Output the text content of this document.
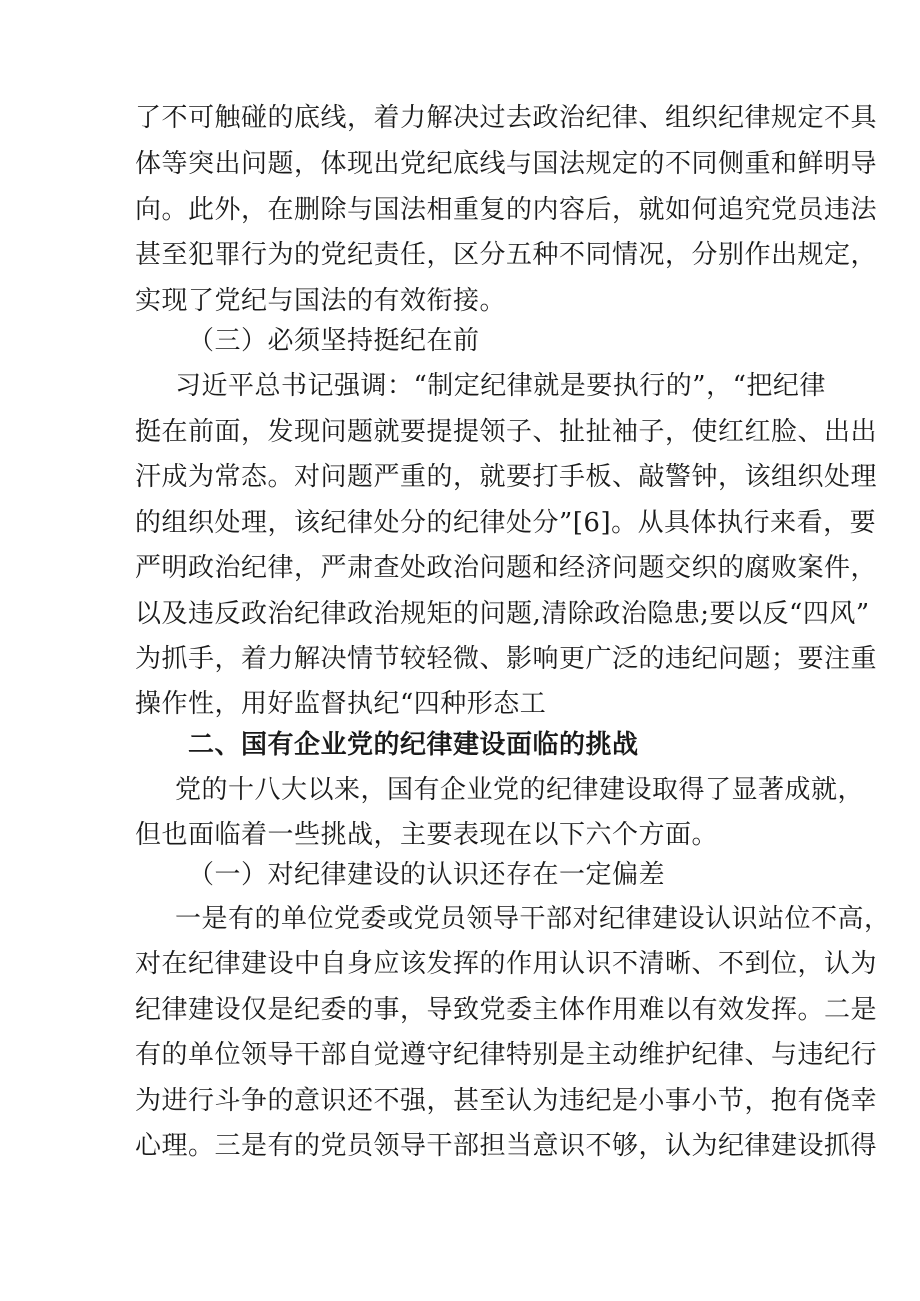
了不可触碰的底线，着力解决过去政治纪律、组织纪律规定不具
体等突出问题，体现出党纪底线与国法规定的不同侧重和鲜明导
向。此外，在删除与国法相重复的内容后，就如何追究党员违法
甚至犯罪行为的党纪责任，区分五种不同情况，分别作出规定，
实现了党纪与国法的有效衔接。
（三）必须坚持挺纪在前
习近平总书记强调：“制定纪律就是要执行的”，“把纪律
挺在前面，发现问题就要提提领子、扯扯袖子，使红红脸、出出
汗成为常态。对问题严重的，就要打手板、敲警钟，该组织处理
的组织处理，该纪律处分的纪律处分”[6]。从具体执行来看，要
严明政治纪律，严肃查处政治问题和经济问题交织的腐败案件，
以及违反政治纪律政治规矩的问题,清除政治隐患;要以反“四风”
为抓手，着力解决情节较轻微、影响更广泛的违纪问题；要注重
操作性，用好监督执纪“四种形态工
二、国有企业党的纪律建设面临的挑战
党的十八大以来，国有企业党的纪律建设取得了显著成就，
但也面临着一些挑战，主要表现在以下六个方面。
（一）对纪律建设的认识还存在一定偏差
一是有的单位党委或党员领导干部对纪律建设认识站位不高，
对在纪律建设中自身应该发挥的作用认识不清晰、不到位，认为
纪律建设仅是纪委的事，导致党委主体作用难以有效发挥。二是
有的单位领导干部自觉遵守纪律特别是主动维护纪律、与违纪行
为进行斗争的意识还不强，甚至认为违纪是小事小节，抱有侥幸
心理。三是有的党员领导干部担当意识不够，认为纪律建设抓得
